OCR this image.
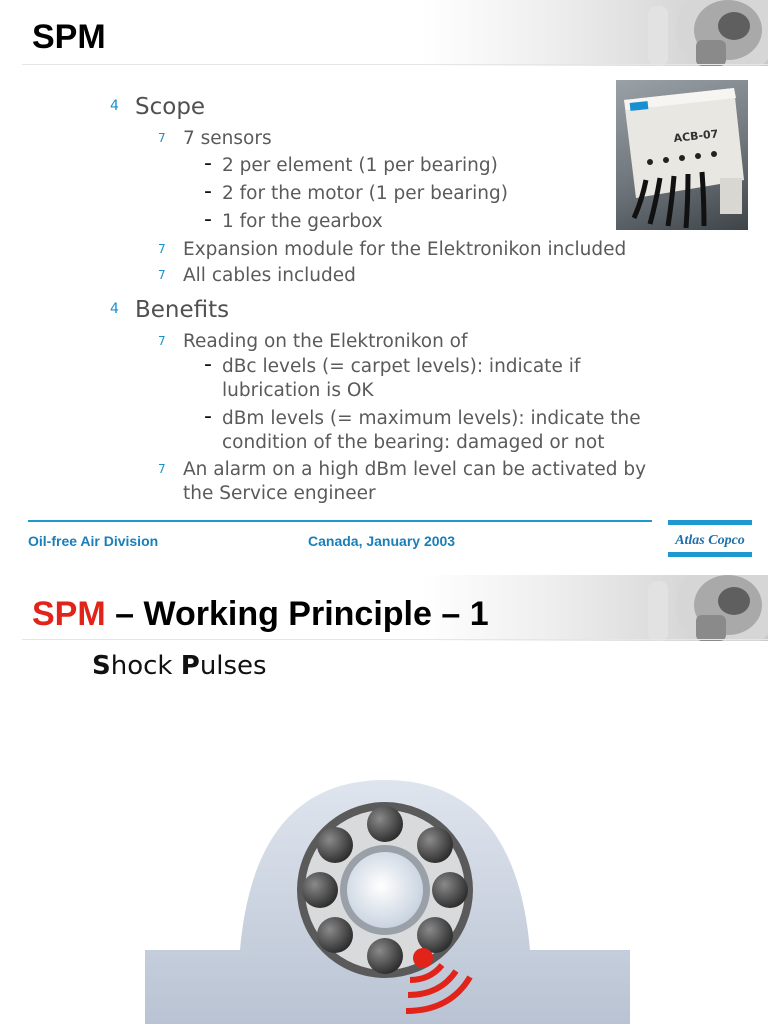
SPM
4 Scope
7 7 sensors
- 2 per element (1 per bearing)
- 2 for the motor (1 per bearing)
- 1 for the gearbox
7 Expansion module for the Elektronikon included
7 All cables included
4 Benefits
7 Reading on the Elektronikon of
- dBc levels (= carpet levels): indicate if
lubrication is OK
- dBm levels (= maximum levels): indicate the
condition of the bearing: damaged or not
7 An alarm on a high dBm level can be activated by
the Service engineer
ACB-07
Oil-free Air Division	Canada, January 2003	Atlas Copco
SPM – Working Principle – 1
Shock Pulses
